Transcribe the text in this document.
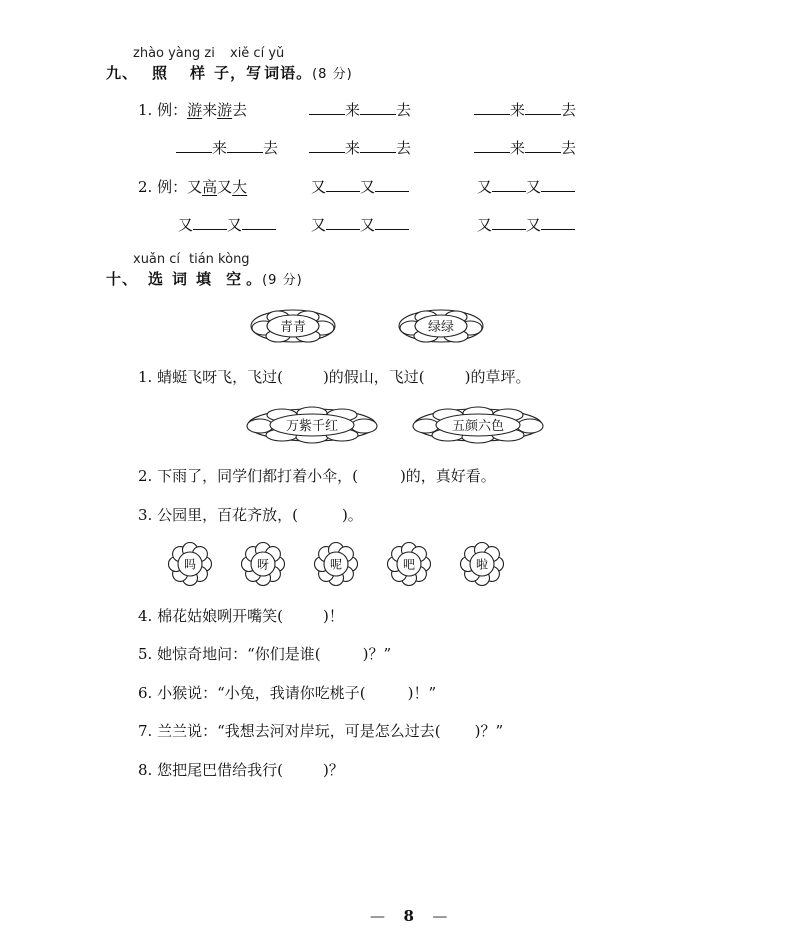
zhào yàng zi xiě cí yǔ
九、 照 样 子，写 词语。(8 分)
1. 例：游来游去	来 去	来 去
来 去	来 去	来 去
2. 例：又高又大	又 又	又 又
又 又	又 又	又 又
xuǎn cí tián kòng
十、 选 词 填 空 。(9 分)
青青	绿绿
1. 蜻蜓飞呀飞，飞过(	)的假山，飞过(	)的草坪。
万紫千红	五颜六色
2. 下雨了，同学们都打着小伞，(	)的，真好看。
3. 公园里，百花齐放，(	)。
吗	呀	呢	吧	啦
4. 棉花姑娘咧开嘴笑(	)！
5. 她惊奇地问：“你们是谁(	)？”
6. 小猴说：“小兔，我请你吃桃子(	)！”
7. 兰兰说：“我想去河对岸玩，可是怎么过去( )？”
8. 您把尾巴借给我行(	)？
— 8 —
